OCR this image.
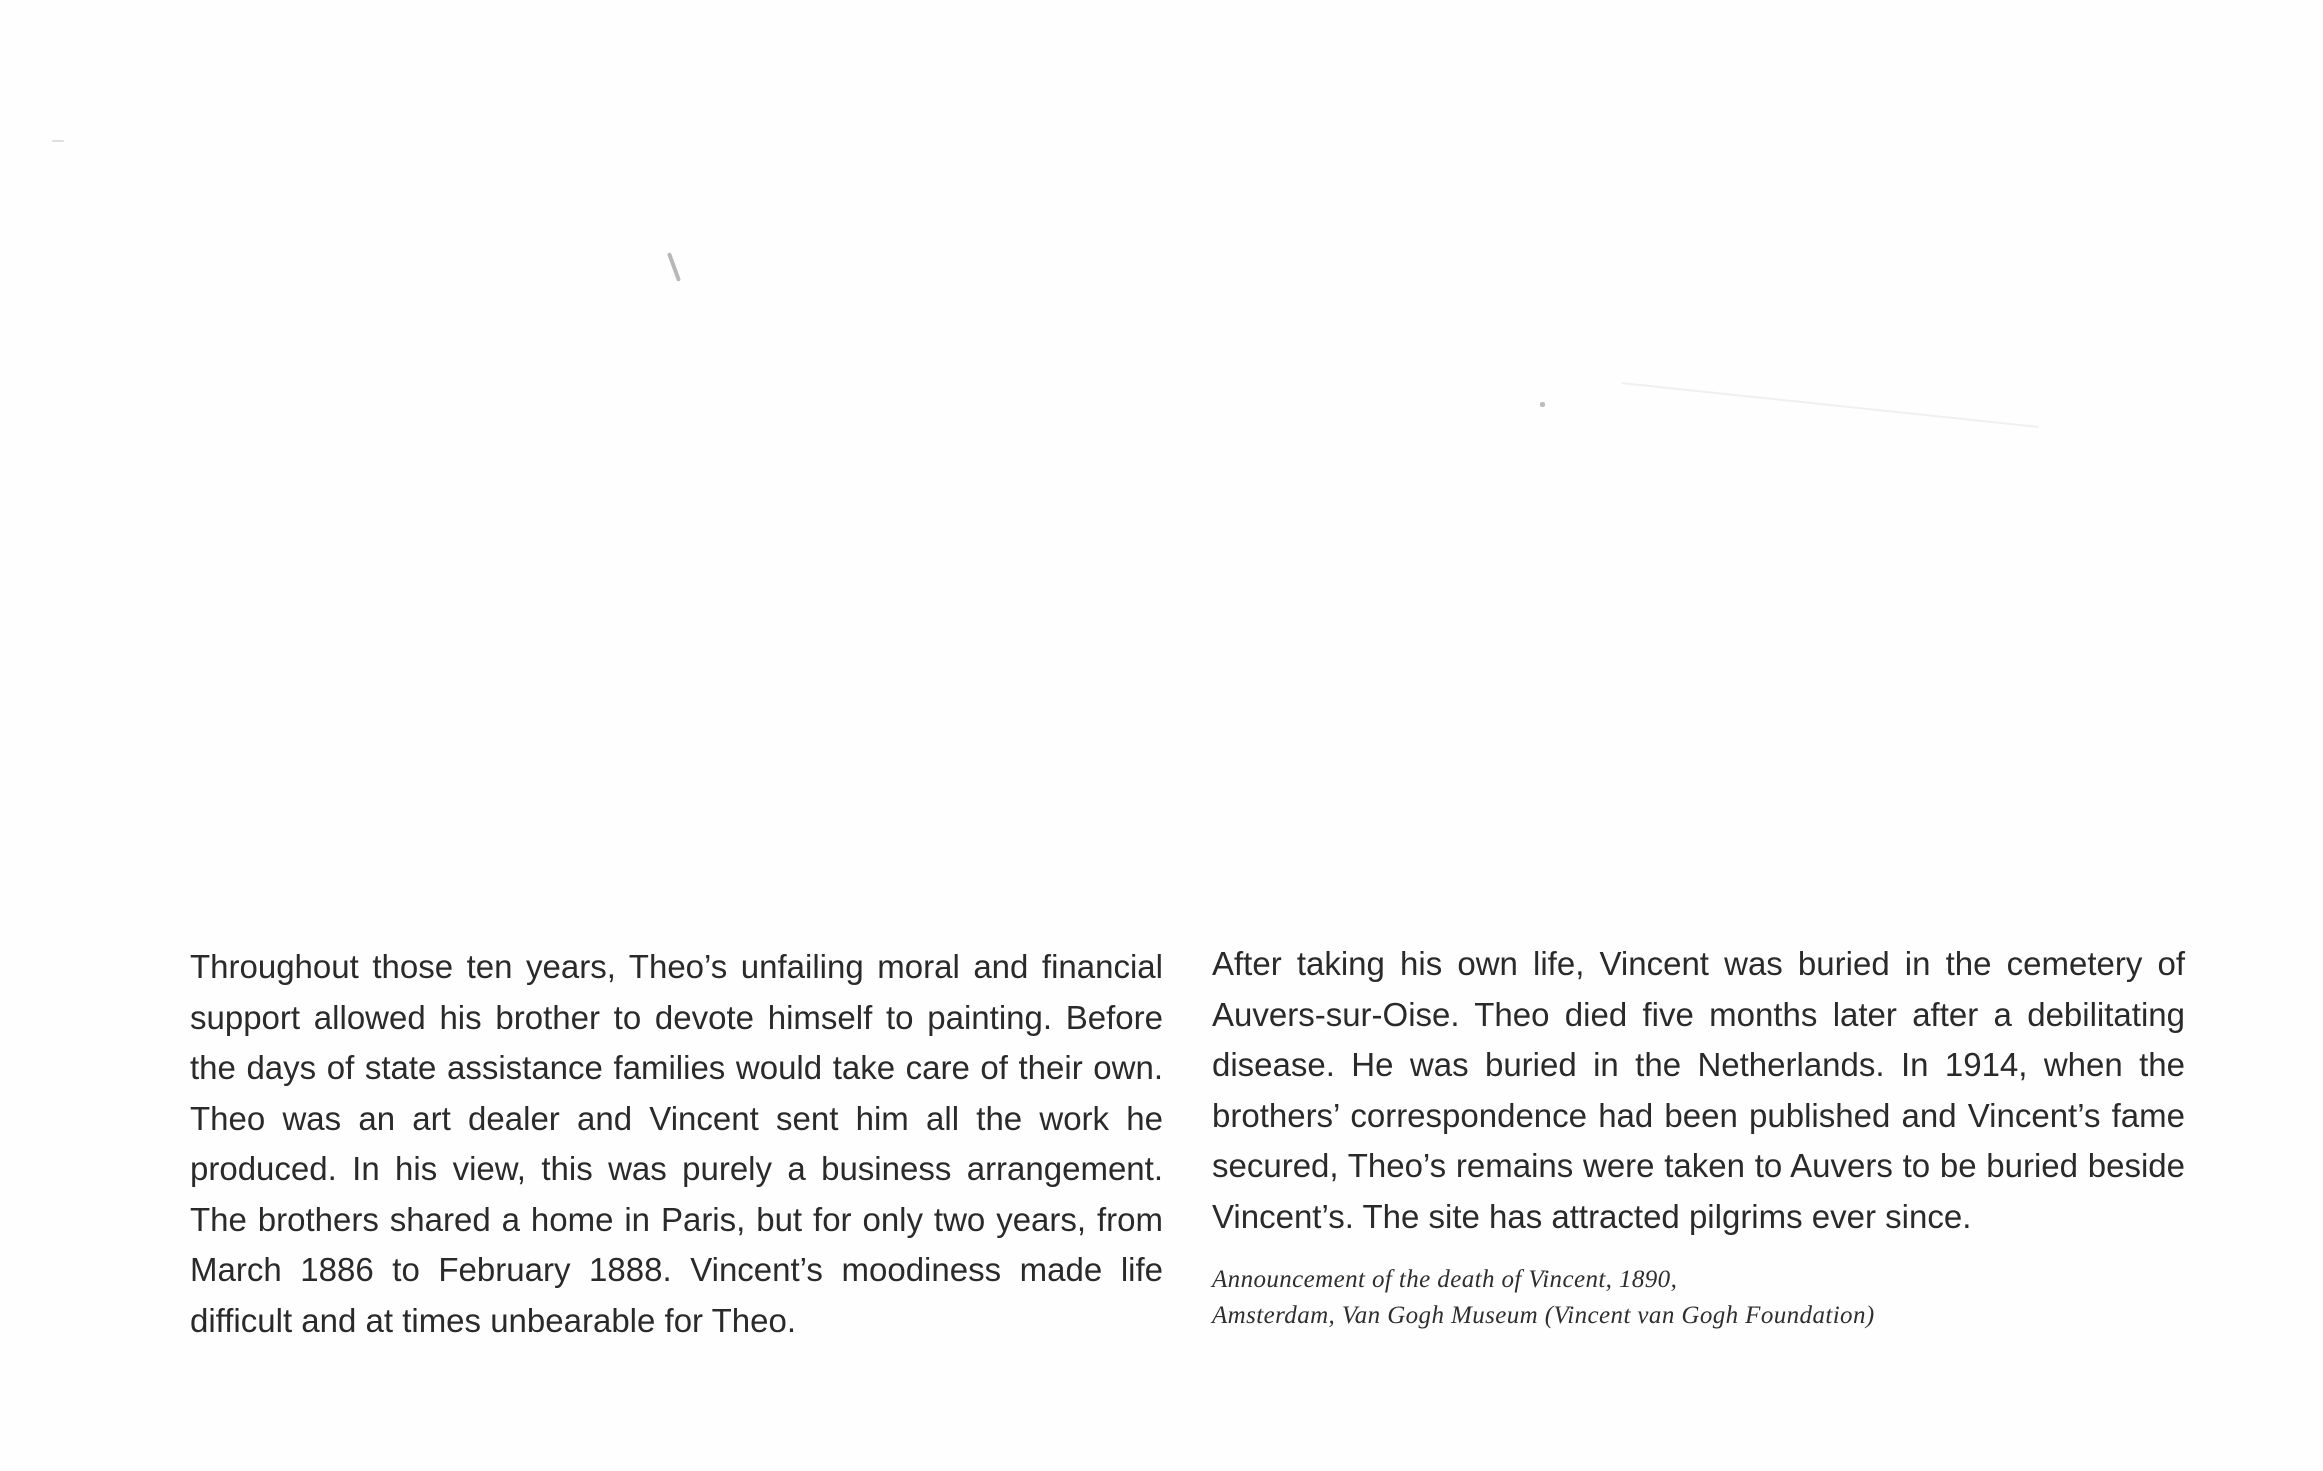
Throughout those ten years, Theo’s unfailing moral and financial support allowed his brother to devote himself to painting. Before the days of state assistance families would take care of their own. Theo was an art dealer and Vincent sent him all the work he produced. In his view, this was purely a business arrangement. The brothers shared a home in Paris, but for only two years, from March 1886 to February 1888. Vincent’s moodiness made life difficult and at times unbearable for Theo.

After taking his own life, Vincent was buried in the cemetery of Auvers-sur-Oise. Theo died five months later after a debilitating disease. He was buried in the Netherlands. In 1914, when the brothers’ correspondence had been published and Vincent’s fame secured, Theo’s remains were taken to Auvers to be buried beside Vincent’s. The site has attracted pilgrims ever since.

Announcement of the death of Vincent, 1890,
Amsterdam, Van Gogh Museum (Vincent van Gogh Foundation)
